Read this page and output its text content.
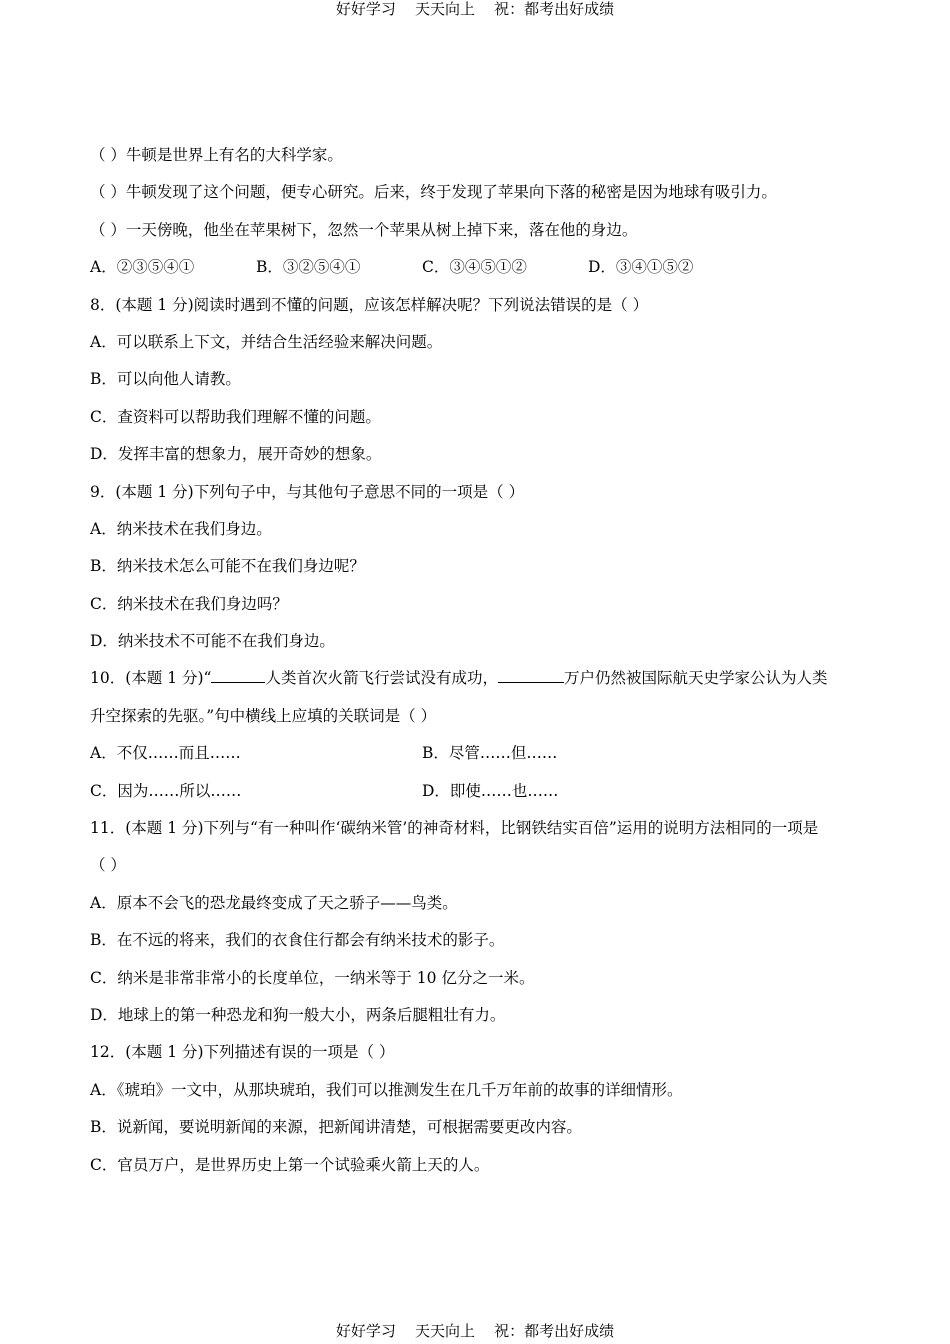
好好学习    天天向上    祝：都考出好成绩
（ ）牛顿是世界上有名的大科学家。
（ ）牛顿发现了这个问题，便专心研究。后来，终于发现了苹果向下落的秘密是因为地球有吸引力。
（ ）一天傍晚，他坐在苹果树下，忽然一个苹果从树上掉下来，落在他的身边。
A．②③⑤④①	B．③②⑤④①	C．③④⑤①②	D．③④①⑤②
8．(本题 1 分)阅读时遇到不懂的问题，应该怎样解决呢？下列说法错误的是（ ）
A．可以联系上下文，并结合生活经验来解决问题。
B．可以向他人请教。
C．查资料可以帮助我们理解不懂的问题。
D．发挥丰富的想象力，展开奇妙的想象。
9．(本题 1 分)下列句子中，与其他句子意思不同的一项是（ ）
A．纳米技术在我们身边。
B．纳米技术怎么可能不在我们身边呢？
C．纳米技术在我们身边吗？
D．纳米技术不可能不在我们身边。
10．(本题 1 分)“	人类首次火箭飞行尝试没有成功，	万户仍然被国际航天史学家公认为人类
升空探索的先驱。”句中横线上应填的关联词是（ ）
A．不仅……而且……	B．尽管……但……
C．因为……所以……	D．即使……也……
11．(本题 1 分)下列与“有一种叫作‘碳纳米管’的神奇材料，比钢铁结实百倍”运用的说明方法相同的一项是
（ ）
A．原本不会飞的恐龙最终变成了天之骄子——鸟类。
B．在不远的将来，我们的衣食住行都会有纳米技术的影子。
C．纳米是非常非常小的长度单位，一纳米等于 10 亿分之一米。
D．地球上的第一种恐龙和狗一般大小，两条后腿粗壮有力。
12．(本题 1 分)下列描述有误的一项是（ ）
A．《琥珀》一文中，从那块琥珀，我们可以推测发生在几千万年前的故事的详细情形。
B．说新闻，要说明新闻的来源，把新闻讲清楚，可根据需要更改内容。
C．官员万户，是世界历史上第一个试验乘火箭上天的人。
好好学习    天天向上    祝：都考出好成绩
